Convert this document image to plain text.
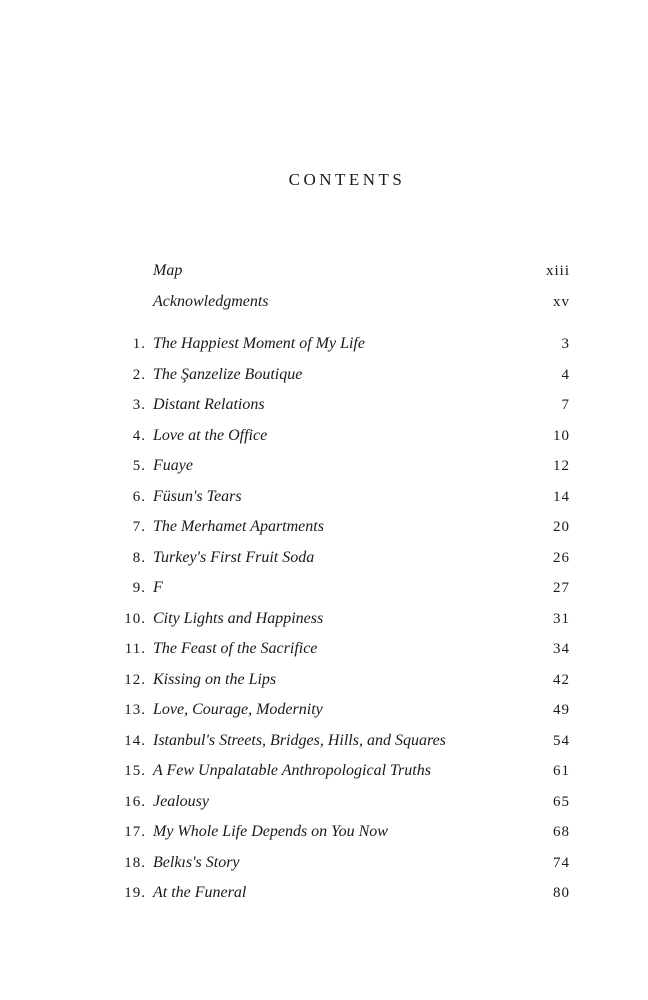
CONTENTS
Map	xiii
Acknowledgments	xv
1. The Happiest Moment of My Life	3
2. The Şanzelize Boutique	4
3. Distant Relations	7
4. Love at the Office	10
5. Fuaye	12
6. Füsun's Tears	14
7. The Merhamet Apartments	20
8. Turkey's First Fruit Soda	26
9. F	27
10. City Lights and Happiness	31
11. The Feast of the Sacrifice	34
12. Kissing on the Lips	42
13. Love, Courage, Modernity	49
14. Istanbul's Streets, Bridges, Hills, and Squares	54
15. A Few Unpalatable Anthropological Truths	61
16. Jealousy	65
17. My Whole Life Depends on You Now	68
18. Belkıs's Story	74
19. At the Funeral	80
